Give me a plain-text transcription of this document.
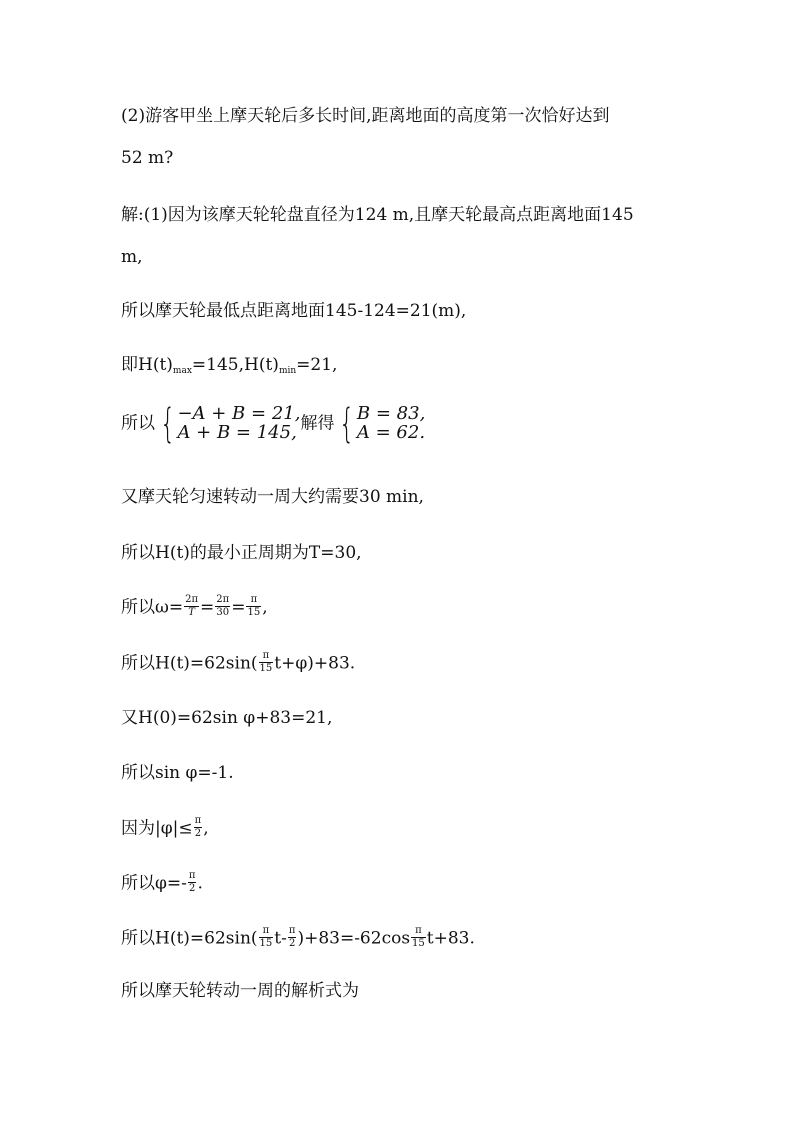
(2)游客甲坐上摩天轮后多长时间,距离地面的高度第一次恰好达到
52 m?
解:(1)因为该摩天轮轮盘直径为124 m,且摩天轮最高点距离地面145
m,
所以摩天轮最低点距离地面145-124=21(m),
即$H(t)_{max}=145,H(t)_{min}=21$,
所以 { −A + B = 21,
A + B = 145, 解得 { B = 83,
A = 62.
又摩天轮匀速转动一周大约需要30 min,
所以H(t)的最小正周期为T=30,
所以$\omega= \frac{2\pi}{T} = \frac{2\pi}{30} = \frac{\pi}{15}$ ,
所以$H(t)=62\sin( \frac{\pi}{15} t+\varphi)+83$.
又H(0)=62sin φ+83=21,
所以sin φ=-1.
因为$|\varphi|\le \frac{\pi}{2}$ ,
所以$\varphi=- \frac{\pi}{2}$ .
所以$H(t)=62\sin( \frac{\pi}{15} t- \frac{\pi}{2} )+83=-62\cos \frac{\pi}{15} t+83$.
所以摩天轮转动一周的解析式为
